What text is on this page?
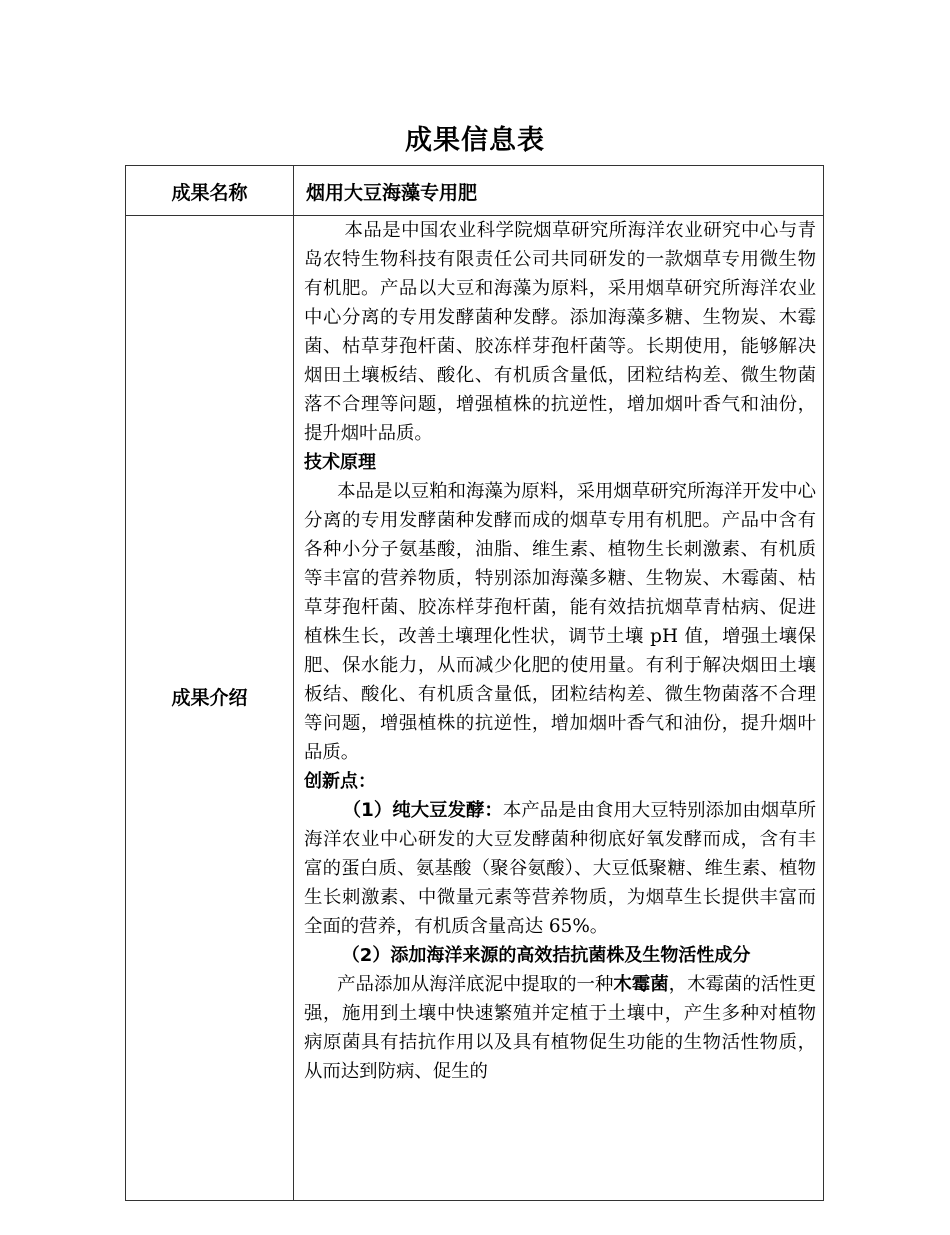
成果信息表
成果名称	烟用大豆海藻专用肥
成果介绍

本品是中国农业科学院烟草研究所海洋农业研究中心与青岛农特生物科技有限责任公司共同研发的一款烟草专用微生物有机肥。产品以大豆和海藻为原料，采用烟草研究所海洋农业中心分离的专用发酵菌种发酵。添加海藻多糖、生物炭、木霉菌、枯草芽孢杆菌、胶冻样芽孢杆菌等。长期使用，能够解决烟田土壤板结、酸化、有机质含量低，团粒结构差、微生物菌落不合理等问题，增强植株的抗逆性，增加烟叶香气和油份，提升烟叶品质。

技术原理

本品是以豆粕和海藻为原料，采用烟草研究所海洋开发中心分离的专用发酵菌种发酵而成的烟草专用有机肥。产品中含有各种小分子氨基酸，油脂、维生素、植物生长刺激素、有机质等丰富的营养物质，特别添加海藻多糖、生物炭、木霉菌、枯草芽孢杆菌、胶冻样芽孢杆菌，能有效拮抗烟草青枯病、促进植株生长，改善土壤理化性状，调节土壤 pH 值，增强土壤保肥、保水能力，从而减少化肥的使用量。有利于解决烟田土壤板结、酸化、有机质含量低，团粒结构差、微生物菌落不合理等问题，增强植株的抗逆性，增加烟叶香气和油份，提升烟叶品质。

创新点：

（1）纯大豆发酵：本产品是由食用大豆特别添加由烟草所海洋农业中心研发的大豆发酵菌种彻底好氧发酵而成，含有丰富的蛋白质、氨基酸（聚谷氨酸）、大豆低聚糖、维生素、植物生长刺激素、中微量元素等营养物质，为烟草生长提供丰富而全面的营养，有机质含量高达 65%。

（2）添加海洋来源的高效拮抗菌株及生物活性成分

产品添加从海洋底泥中提取的一种木霉菌，木霉菌的活性更强，施用到土壤中快速繁殖并定植于土壤中，产生多种对植物病原菌具有拮抗作用以及具有植物促生功能的生物活性物质，从而达到防病、促生的
